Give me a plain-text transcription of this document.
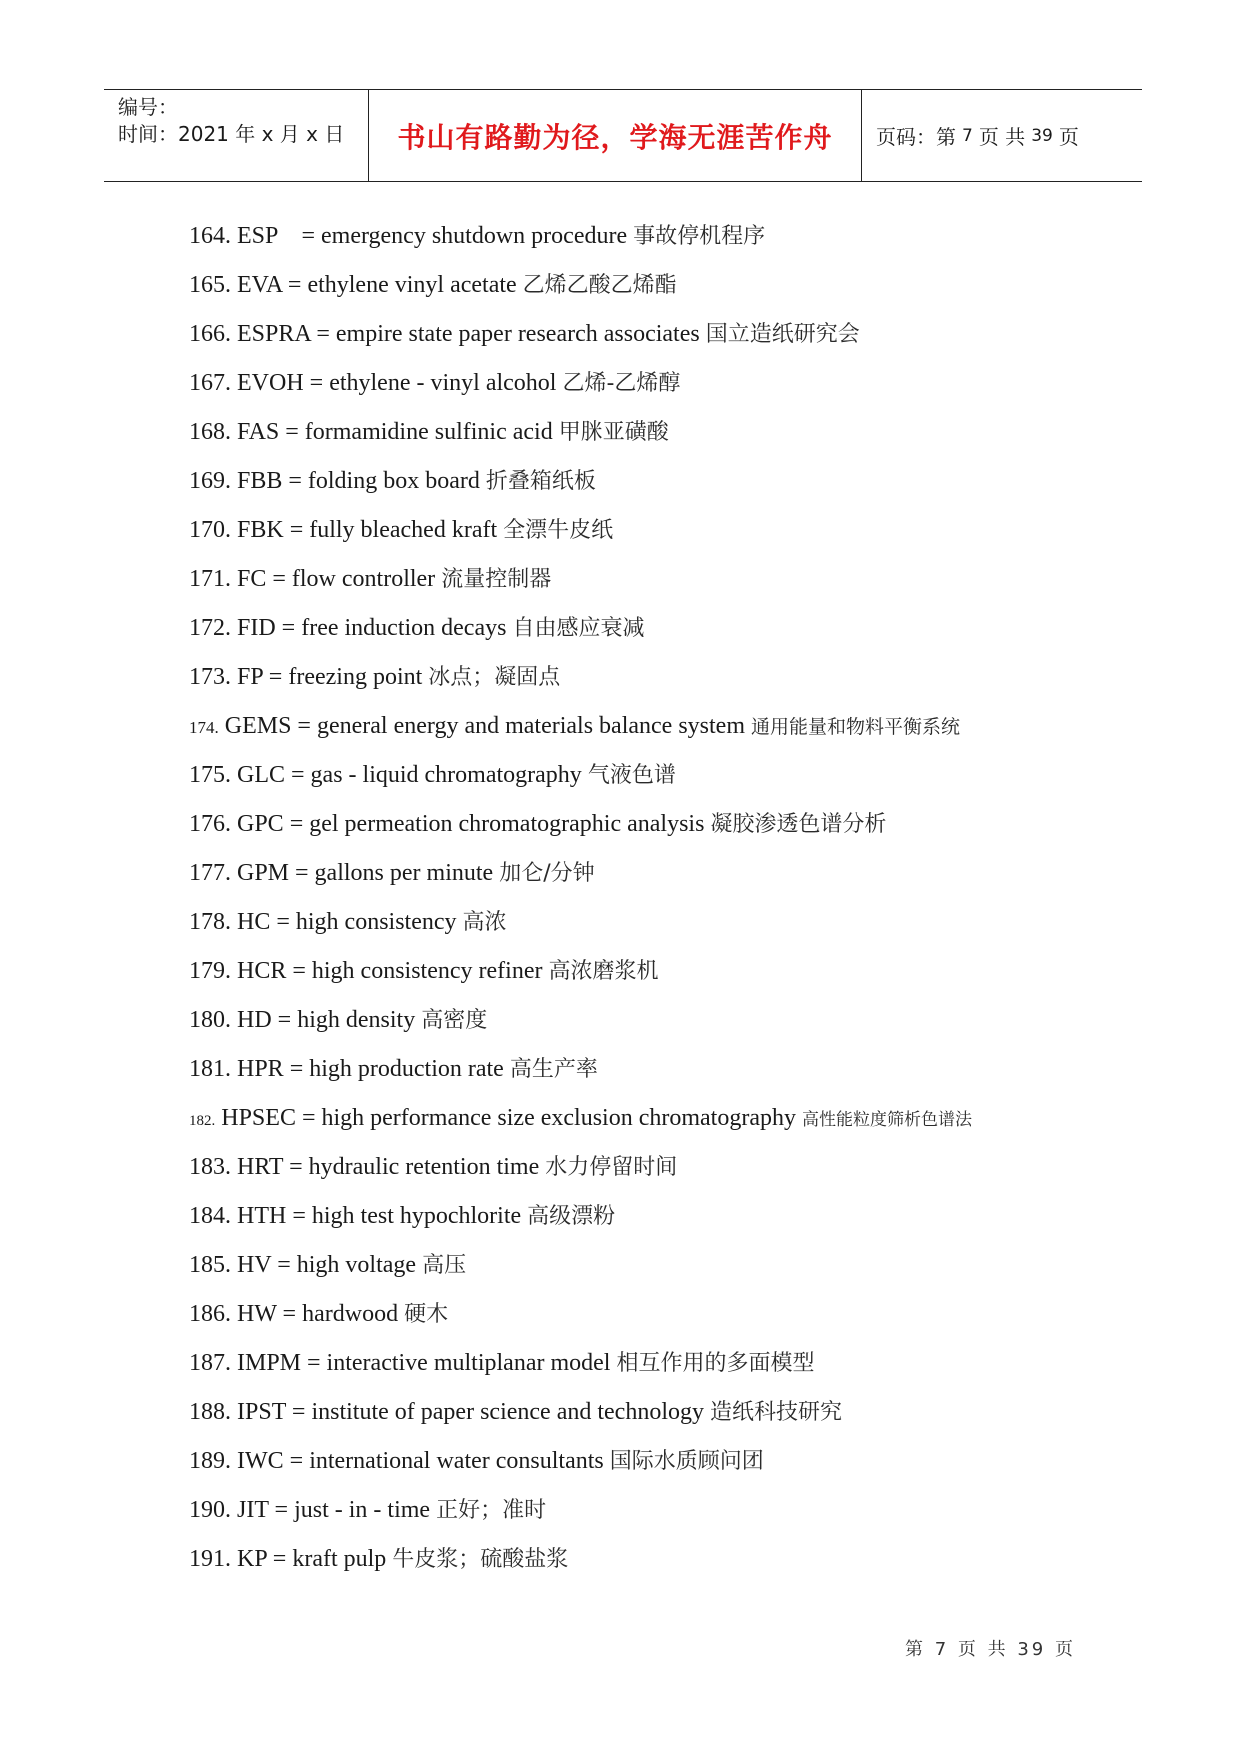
编号：
时间：2021 年 x 月 x 日	书山有路勤为径，学海无涯苦作舟 页码：第 7 页 共 39 页
164. ESP    = emergency shutdown procedure 事故停机程序
165. EVA = ethylene vinyl acetate 乙烯乙酸乙烯酯
166. ESPRA = empire state paper research associates 国立造纸研究会
167. EVOH = ethylene - vinyl alcohol 乙烯-乙烯醇
168. FAS = formamidine sulfinic acid 甲脒亚磺酸
169. FBB = folding box board 折叠箱纸板
170. FBK = fully bleached kraft 全漂牛皮纸
171. FC = flow controller 流量控制器
172. FID = free induction decays 自由感应衰减
173. FP = freezing point 冰点；凝固点
174. GEMS = general energy and materials balance system 通用能量和物料平衡系统
175. GLC = gas - liquid chromatography 气液色谱
176. GPC = gel permeation chromatographic analysis 凝胶渗透色谱分析
177. GPM = gallons per minute 加仑/分钟
178. HC = high consistency 高浓
179. HCR = high consistency refiner 高浓磨浆机
180. HD = high density 高密度
181. HPR = high production rate 高生产率
182. HPSEC = high performance size exclusion chromatography 高性能粒度筛析色谱法
183. HRT = hydraulic retention time 水力停留时间
184. HTH = high test hypochlorite 高级漂粉
185. HV = high voltage 高压
186. HW = hardwood 硬木
187. IMPM = interactive multiplanar model 相互作用的多面模型
188. IPST = institute of paper science and technology 造纸科技研究
189. IWC = international water consultants 国际水质顾问团
190. JIT = just - in - time 正好；准时
191. KP = kraft pulp 牛皮浆；硫酸盐浆
第 7 页 共 39 页
